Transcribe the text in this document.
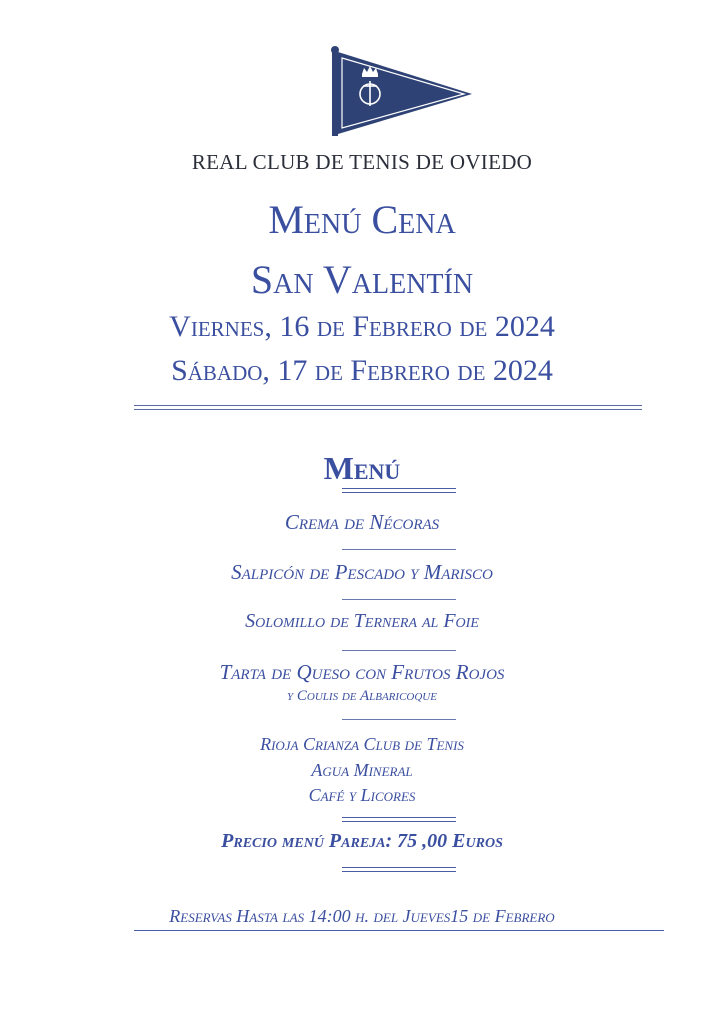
REAL CLUB DE TENIS DE OVIEDO
Menú Cena
San Valentín
Viernes, 16 de Febrero de 2024
Sábado, 17 de Febrero de 2024
Menú
Crema de Nécoras
Salpicón de Pescado y Marisco
Solomillo de Ternera al Foie
Tarta de Queso con Frutos Rojos
y Coulis de Albaricoque
Rioja Crianza Club de Tenis
Agua Mineral
Café y Licores
Precio menú Pareja: 75 ,00 Euros
Reservas Hasta las 14:00 h. del Jueves15 de Febrero
